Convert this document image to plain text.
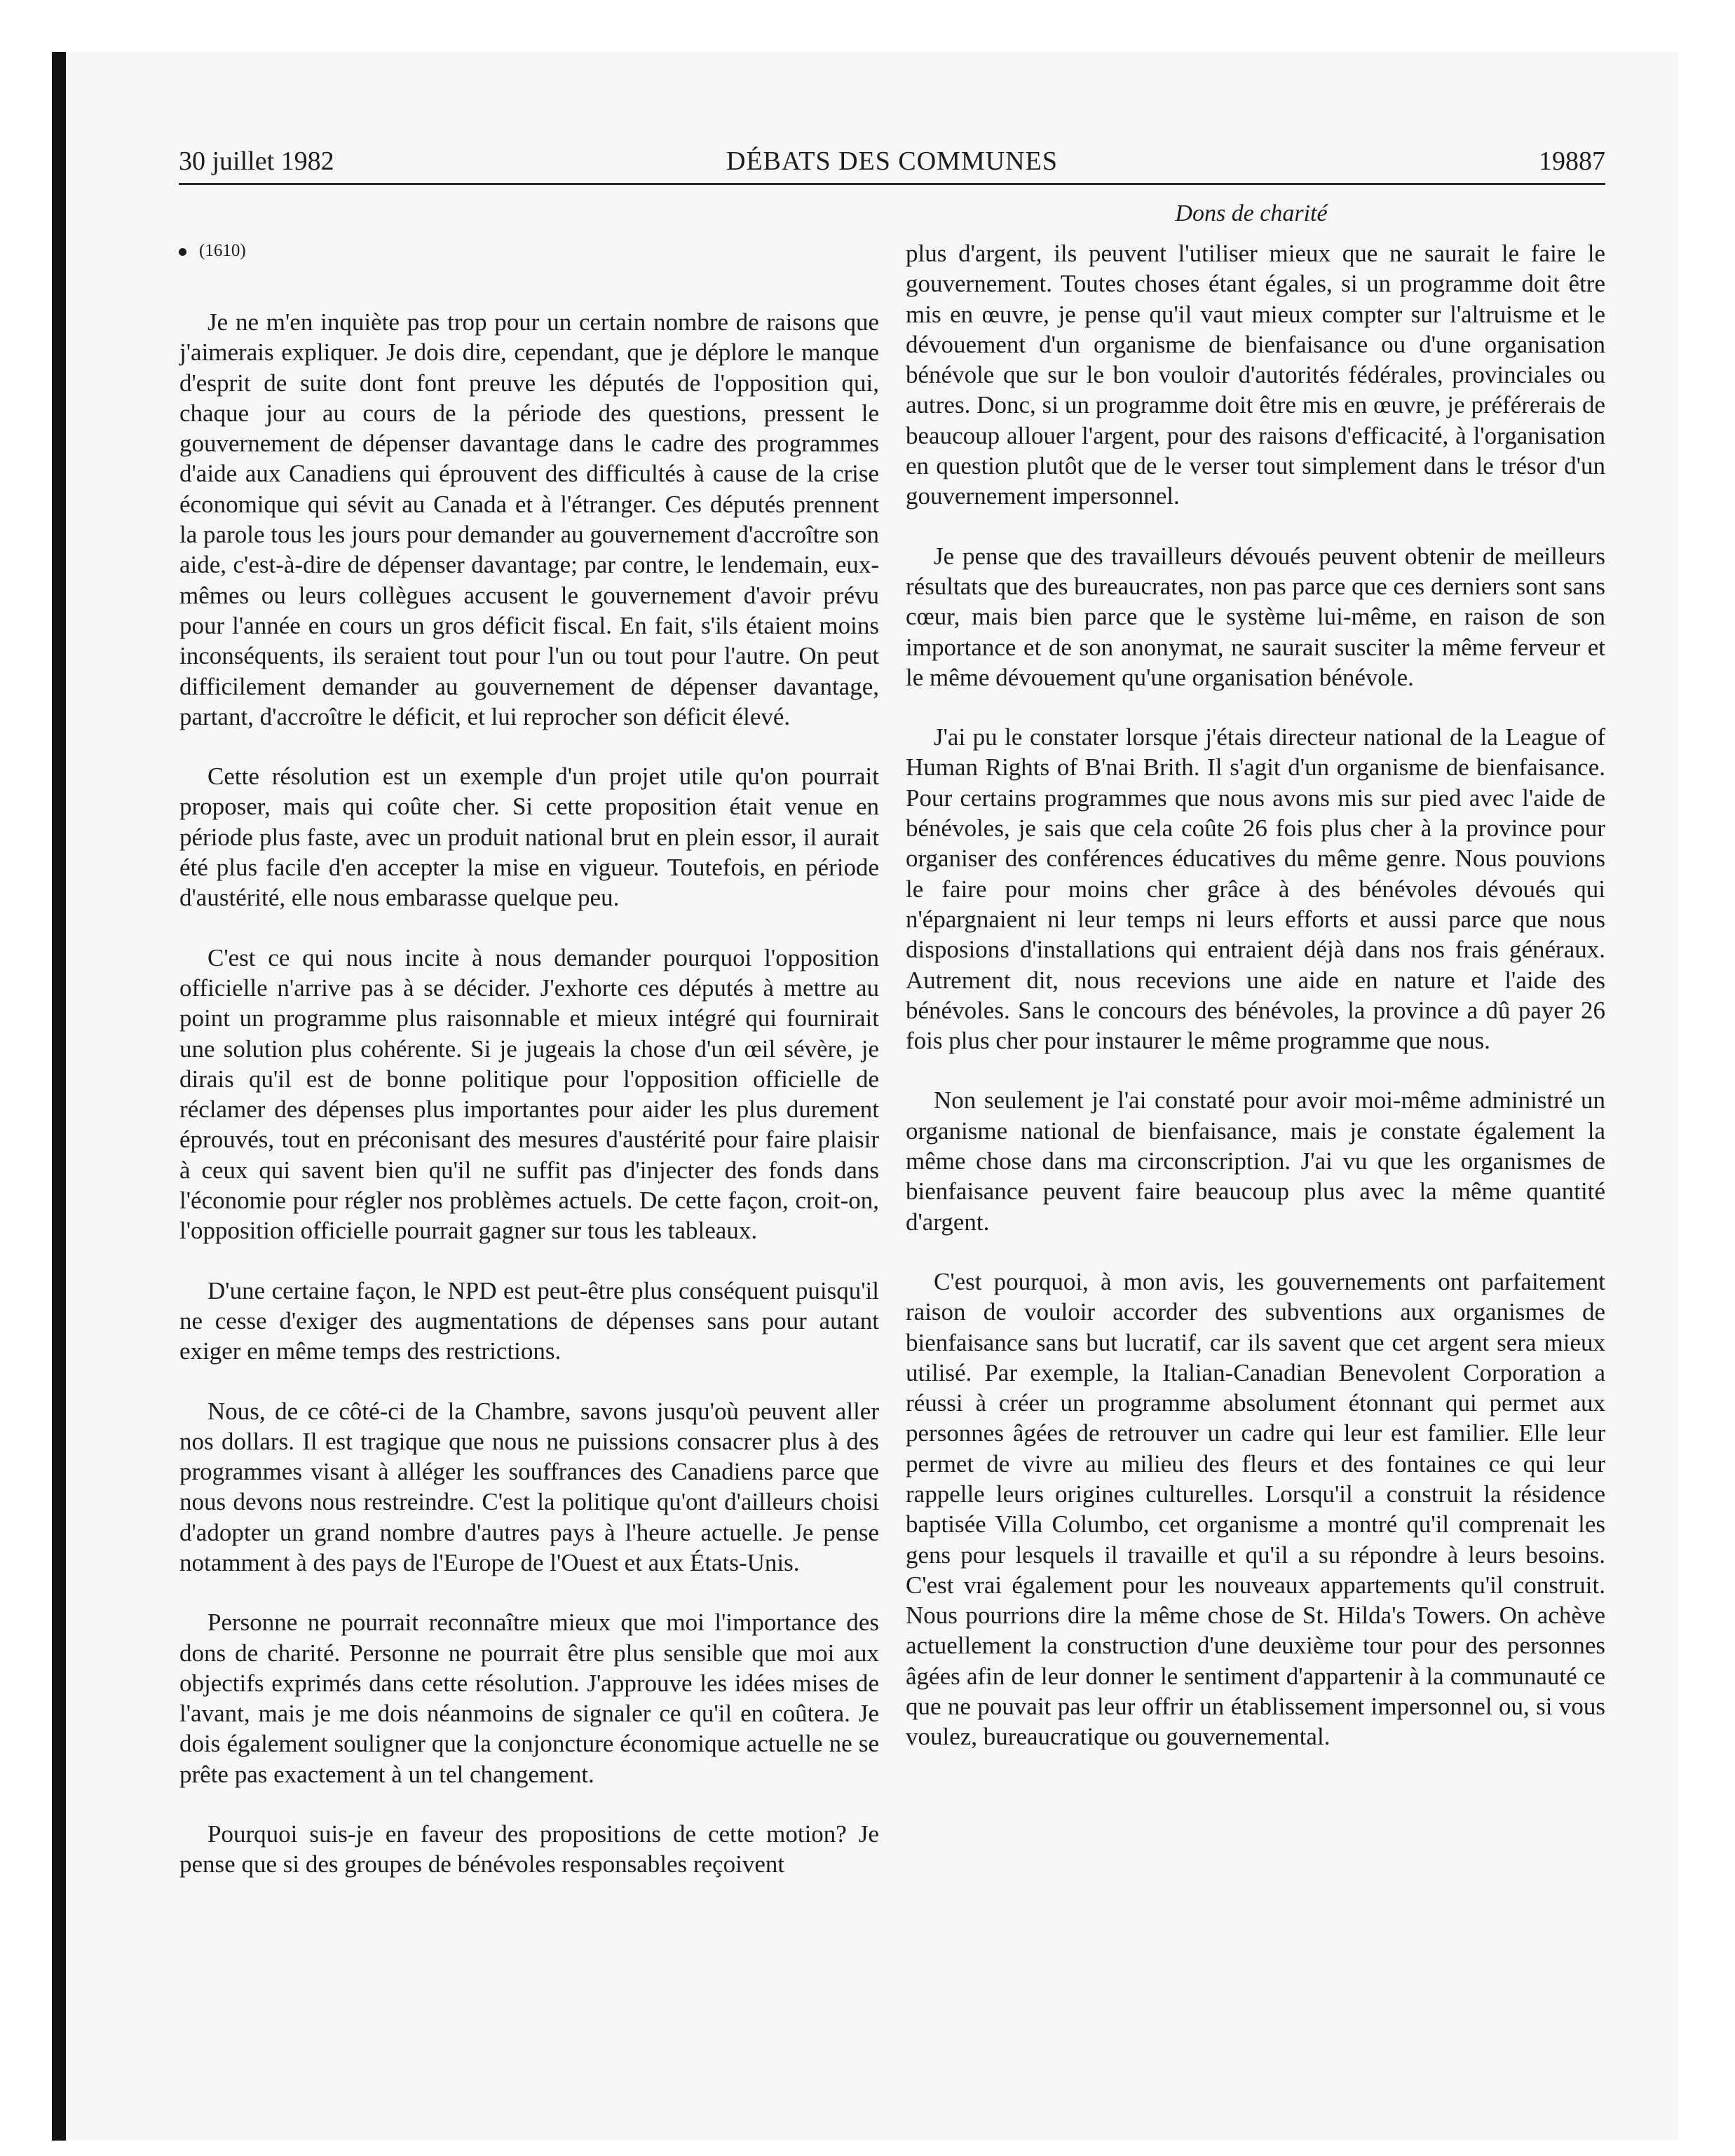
30 juillet 1982	DÉBATS DES COMMUNES	19887
Dons de charité
(1610)

Je ne m'en inquiète pas trop pour un certain nombre de raisons que j'aimerais expliquer. Je dois dire, cependant, que je déplore le manque d'esprit de suite dont font preuve les députés de l'opposition qui, chaque jour au cours de la période des questions, pressent le gouvernement de dépenser davantage dans le cadre des programmes d'aide aux Canadiens qui éprouvent des difficultés à cause de la crise économique qui sévit au Canada et à l'étranger. Ces députés prennent la parole tous les jours pour demander au gouvernement d'accroître son aide, c'est-à-dire de dépenser davantage; par contre, le lendemain, eux-mêmes ou leurs collègues accusent le gouvernement d'avoir prévu pour l'année en cours un gros déficit fiscal. En fait, s'ils étaient moins inconséquents, ils seraient tout pour l'un ou tout pour l'autre. On peut difficilement demander au gouvernement de dépenser davantage, partant, d'accroître le déficit, et lui reprocher son déficit élevé.

Cette résolution est un exemple d'un projet utile qu'on pourrait proposer, mais qui coûte cher. Si cette proposition était venue en période plus faste, avec un produit national brut en plein essor, il aurait été plus facile d'en accepter la mise en vigueur. Toutefois, en période d'austérité, elle nous embarasse quelque peu.

C'est ce qui nous incite à nous demander pourquoi l'opposition officielle n'arrive pas à se décider. J'exhorte ces députés à mettre au point un programme plus raisonnable et mieux intégré qui fournirait une solution plus cohérente. Si je jugeais la chose d'un œil sévère, je dirais qu'il est de bonne politique pour l'opposition officielle de réclamer des dépenses plus importantes pour aider les plus durement éprouvés, tout en préconisant des mesures d'austérité pour faire plaisir à ceux qui savent bien qu'il ne suffit pas d'injecter des fonds dans l'économie pour régler nos problèmes actuels. De cette façon, croit-on, l'opposition officielle pourrait gagner sur tous les tableaux.

D'une certaine façon, le NPD est peut-être plus conséquent puisqu'il ne cesse d'exiger des augmentations de dépenses sans pour autant exiger en même temps des restrictions.

Nous, de ce côté-ci de la Chambre, savons jusqu'où peuvent aller nos dollars. Il est tragique que nous ne puissions consacrer plus à des programmes visant à alléger les souffrances des Canadiens parce que nous devons nous restreindre. C'est la politique qu'ont d'ailleurs choisi d'adopter un grand nombre d'autres pays à l'heure actuelle. Je pense notamment à des pays de l'Europe de l'Ouest et aux États-Unis.

Personne ne pourrait reconnaître mieux que moi l'importance des dons de charité. Personne ne pourrait être plus sensible que moi aux objectifs exprimés dans cette résolution. J'approuve les idées mises de l'avant, mais je me dois néanmoins de signaler ce qu'il en coûtera. Je dois également souligner que la conjoncture économique actuelle ne se prête pas exactement à un tel changement.

Pourquoi suis-je en faveur des propositions de cette motion? Je pense que si des groupes de bénévoles responsables reçoivent

plus d'argent, ils peuvent l'utiliser mieux que ne saurait le faire le gouvernement. Toutes choses étant égales, si un programme doit être mis en œuvre, je pense qu'il vaut mieux compter sur l'altruisme et le dévouement d'un organisme de bienfaisance ou d'une organisation bénévole que sur le bon vouloir d'autorités fédérales, provinciales ou autres. Donc, si un programme doit être mis en œuvre, je préférerais de beaucoup allouer l'argent, pour des raisons d'efficacité, à l'organisation en question plutôt que de le verser tout simplement dans le trésor d'un gouvernement impersonnel.

Je pense que des travailleurs dévoués peuvent obtenir de meilleurs résultats que des bureaucrates, non pas parce que ces derniers sont sans cœur, mais bien parce que le système lui-même, en raison de son importance et de son anonymat, ne saurait susciter la même ferveur et le même dévouement qu'une organisation bénévole.

J'ai pu le constater lorsque j'étais directeur national de la League of Human Rights of B'nai Brith. Il s'agit d'un organisme de bienfaisance. Pour certains programmes que nous avons mis sur pied avec l'aide de bénévoles, je sais que cela coûte 26 fois plus cher à la province pour organiser des conférences éducatives du même genre. Nous pouvions le faire pour moins cher grâce à des bénévoles dévoués qui n'épargnaient ni leur temps ni leurs efforts et aussi parce que nous disposions d'installations qui entraient déjà dans nos frais généraux. Autrement dit, nous recevions une aide en nature et l'aide des bénévoles. Sans le concours des bénévoles, la province a dû payer 26 fois plus cher pour instaurer le même programme que nous.

Non seulement je l'ai constaté pour avoir moi-même administré un organisme national de bienfaisance, mais je constate également la même chose dans ma circonscription. J'ai vu que les organismes de bienfaisance peuvent faire beaucoup plus avec la même quantité d'argent.

C'est pourquoi, à mon avis, les gouvernements ont parfaitement raison de vouloir accorder des subventions aux organismes de bienfaisance sans but lucratif, car ils savent que cet argent sera mieux utilisé. Par exemple, la Italian-Canadian Benevolent Corporation a réussi à créer un programme absolument étonnant qui permet aux personnes âgées de retrouver un cadre qui leur est familier. Elle leur permet de vivre au milieu des fleurs et des fontaines ce qui leur rappelle leurs origines culturelles. Lorsqu'il a construit la résidence baptisée Villa Columbo, cet organisme a montré qu'il comprenait les gens pour lesquels il travaille et qu'il a su répondre à leurs besoins. C'est vrai également pour les nouveaux appartements qu'il construit. Nous pourrions dire la même chose de St. Hilda's Towers. On achève actuellement la construction d'une deuxième tour pour des personnes âgées afin de leur donner le sentiment d'appartenir à la communauté ce que ne pouvait pas leur offrir un établissement impersonnel ou, si vous voulez, bureaucratique ou gouvernemental.
